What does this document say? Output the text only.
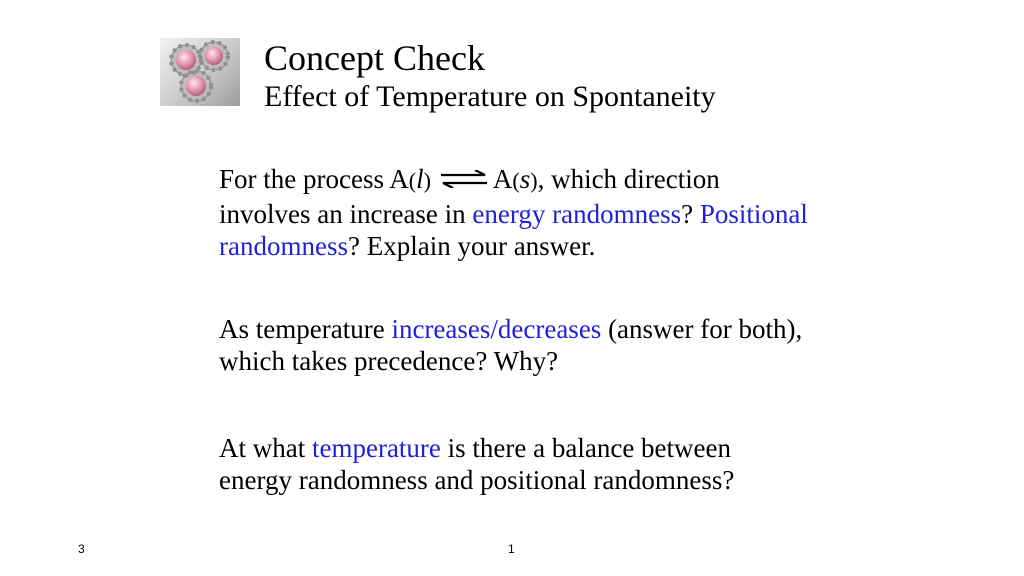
Concept Check
Effect of Temperature on Spontaneity
For the process A(l) ⇌ A(s), which direction involves an increase in energy randomness? Positional randomness? Explain your answer.
As temperature increases/decreases (answer for both), which takes precedence? Why?
At what temperature is there a balance between energy randomness and positional randomness?
3	1
